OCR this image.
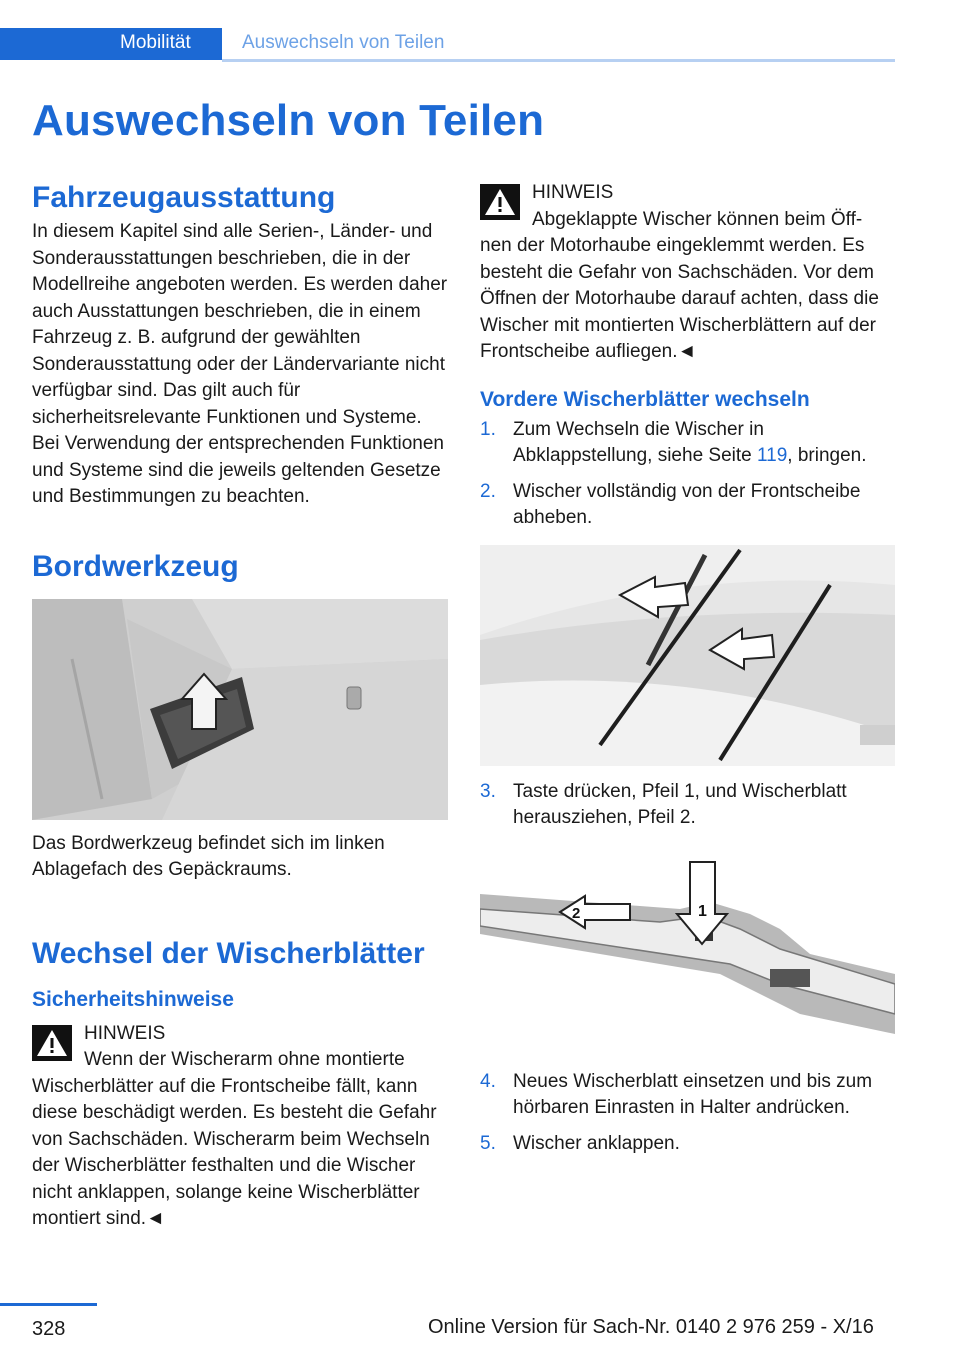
Mobilität	Auswechseln von Teilen
Auswechseln von Teilen
Fahrzeugausstattung

In diesem Kapitel sind alle Serien-, Länder- und Sonderausstattungen beschrieben, die in der Modellreihe angeboten werden. Es werden daher auch Ausstattungen beschrieben, die in einem Fahrzeug z. B. aufgrund der gewählten Sonderausstattung oder der Ländervariante nicht verfügbar sind. Das gilt auch für sicherheitsrelevante Funktionen und Systeme. Bei Verwendung der entsprechenden Funktionen und Systeme sind die jeweils geltenden Gesetze und Bestimmungen zu beachten.

Bordwerkzeug

Das Bordwerkzeug befindet sich im linken Ablagefach des Gepäckraums.

Wechsel der Wischerblätter
Sicherheitshinweise

HINWEIS

Wenn der Wischerarm ohne montierte

Wischerblätter auf die Frontscheibe fällt, kann diese beschädigt werden. Es besteht die Gefahr von Sachschäden. Wischerarm beim Wechseln der Wischerblätter festhalten und die Wischer nicht anklappen, solange keine Wischerblätter montiert sind.◄

HINWEIS

Abgeklappte Wischer können beim Öff-

nen der Motorhaube eingeklemmt werden. Es besteht die Gefahr von Sachschäden. Vor dem Öffnen der Motorhaube darauf achten, dass die Wischer mit montierten Wischerblättern auf der Frontscheibe aufliegen.◄

Vordere Wischerblätter wechseln
1. Zum Wechseln die Wischer in Abklappstellung, siehe Seite 119, bringen.
2. Wischer vollständig von der Frontscheibe abheben.
3. Taste drücken, Pfeil 1, und Wischerblatt herausziehen, Pfeil 2.
1
2
4. Neues Wischerblatt einsetzen und bis zum hörbaren Einrasten in Halter andrücken.
5. Wischer anklappen.
328	Online Version für Sach-Nr. 0140 2 976 259 - X/16
